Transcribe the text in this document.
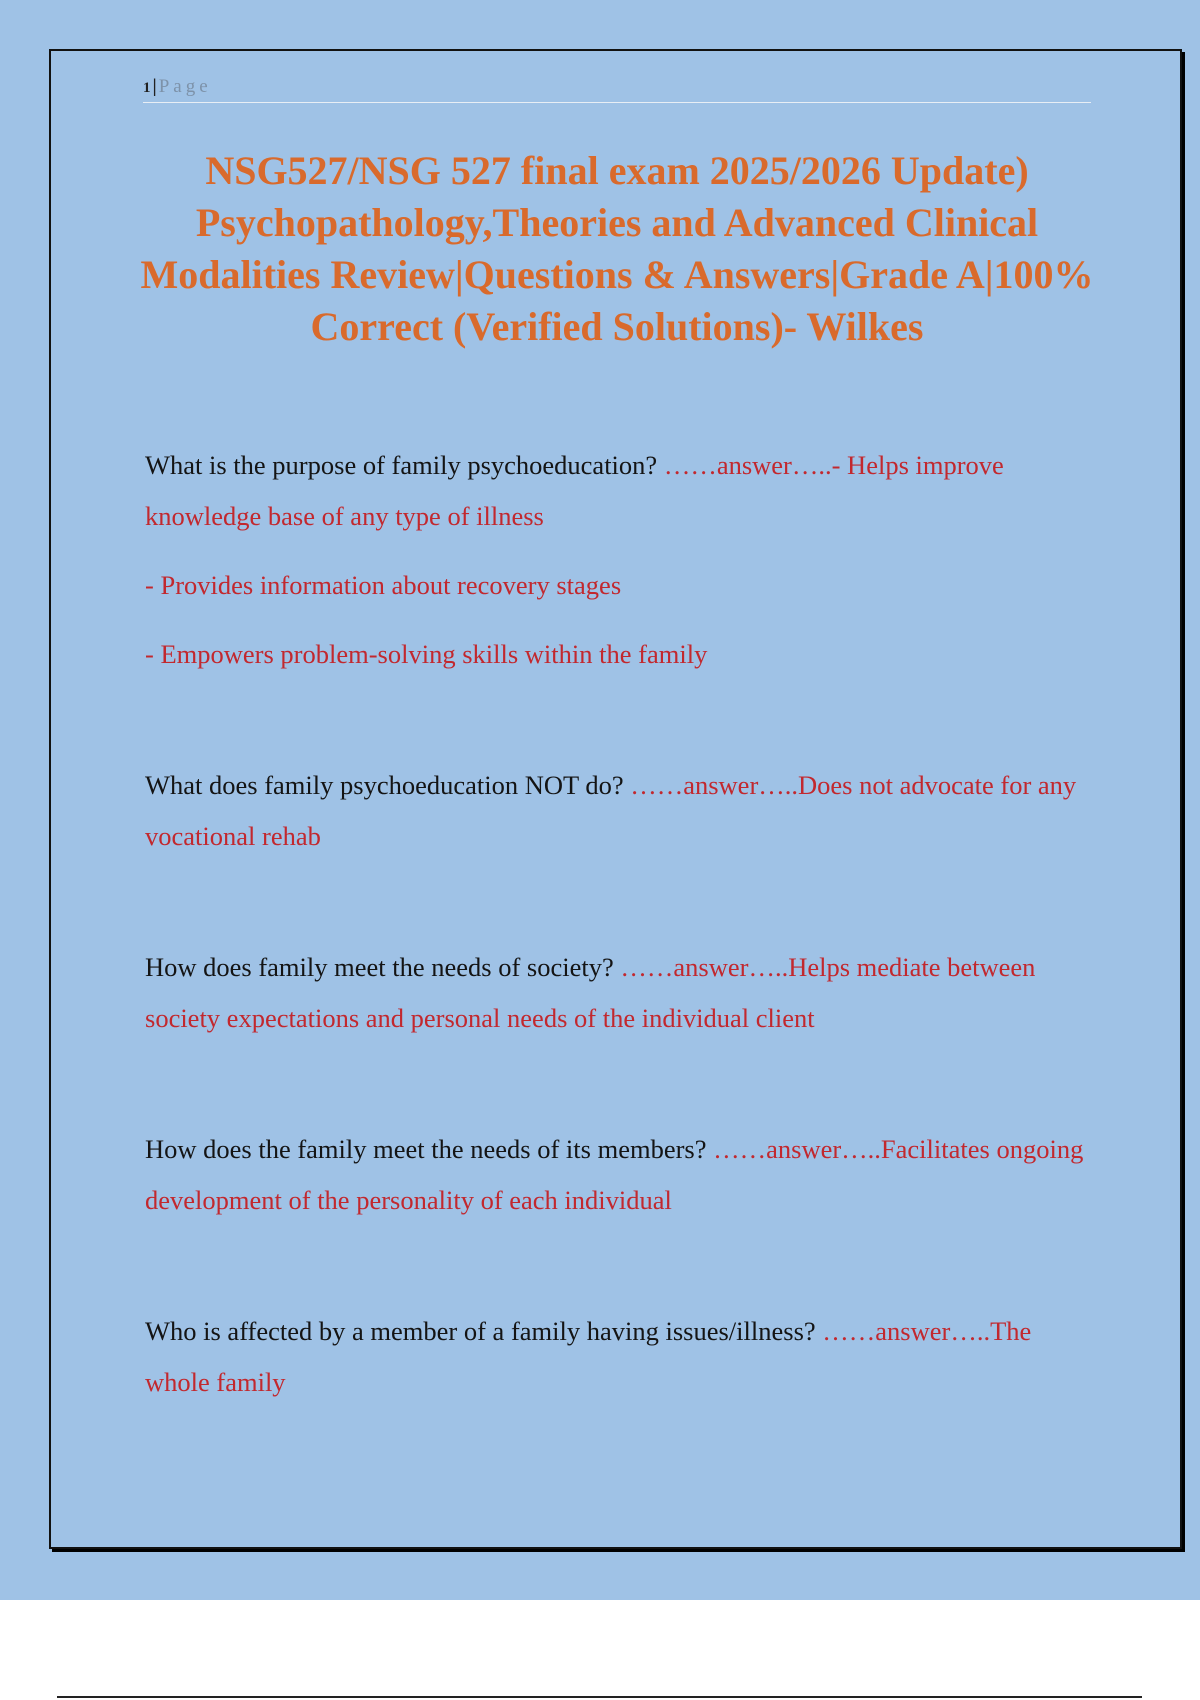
1 | Page
NSG527/NSG 527 final exam 2025/2026 Update) Psychopathology,Theories and Advanced Clinical Modalities Review|Questions & Answers|Grade A|100% Correct (Verified Solutions)- Wilkes

What is the purpose of family psychoeducation? ……answer…..- Helps improve knowledge base of any type of illness

- Provides information about recovery stages

- Empowers problem-solving skills within the family

What does family psychoeducation NOT do? ……answer…..Does not advocate for any vocational rehab

How does family meet the needs of society? ……answer…..Helps mediate between society expectations and personal needs of the individual client

How does the family meet the needs of its members? ……answer…..Facilitates ongoing development of the personality of each individual

Who is affected by a member of a family having issues/illness? ……answer…..The whole family
